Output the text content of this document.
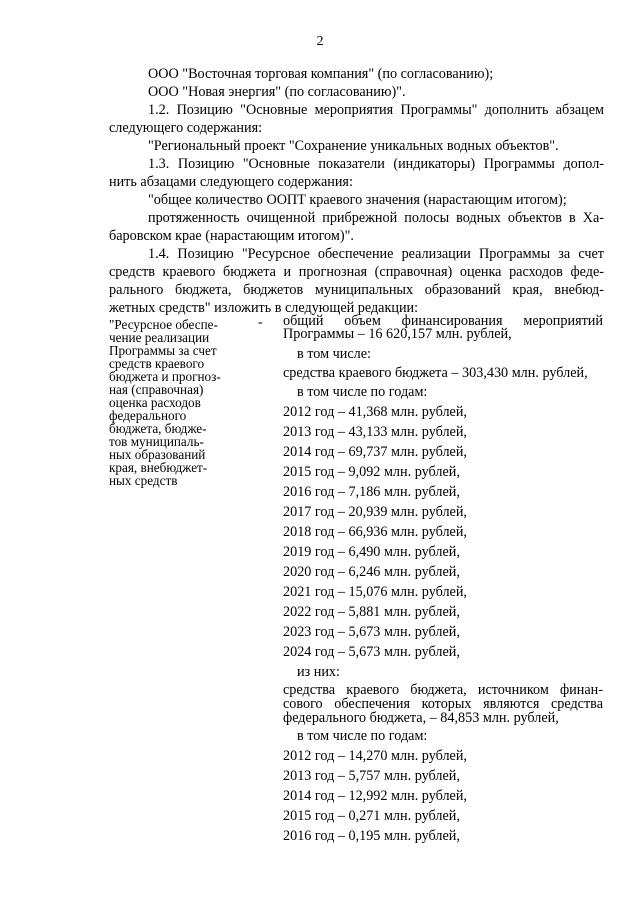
2
ООО "Восточная торговая компания" (по согласованию);
ООО "Новая энергия" (по согласованию)".
1.2. Позицию "Основные мероприятия Программы" дополнить абзацем
следующего содержания:
"Региональный проект "Сохранение уникальных водных объектов".
1.3. Позицию "Основные показатели (индикаторы) Программы допол-
нить абзацами следующего содержания:
"общее количество ООПТ краевого значения (нарастающим итогом);
протяженность очищенной прибрежной полосы водных объектов в Ха-
баровском крае (нарастающим итогом)".
1.4. Позицию "Ресурсное обеспечение реализации Программы за счет
средств краевого бюджета и прогнозная (справочная) оценка расходов феде-
рального бюджета, бюджетов муниципальных образований края, внебюд-
жетных средств" изложить в следующей редакции:
"Ресурсное обеспе-
чение реализации
Программы за счет
средств краевого
бюджета и прогноз-
ная (справочная)
оценка расходов
федерального
бюджета, бюдже-
тов муниципаль-
ных образований
края, внебюджет-
ных средств
- общий объем финансирования мероприятий
Программы – 16 620,157 млн. рублей,
в том числе:
средства краевого бюджета – 303,430 млн. рублей,
в том числе по годам:
2012 год – 41,368 млн. рублей,
2013 год – 43,133 млн. рублей,
2014 год – 69,737 млн. рублей,
2015 год – 9,092 млн. рублей,
2016 год – 7,186 млн. рублей,
2017 год – 20,939 млн. рублей,
2018 год – 66,936 млн. рублей,
2019 год – 6,490 млн. рублей,
2020 год – 6,246 млн. рублей,
2021 год – 15,076 млн. рублей,
2022 год – 5,881 млн. рублей,
2023 год – 5,673 млн. рублей,
2024 год – 5,673 млн. рублей,
из них:
средства краевого бюджета, источником финан-
сового обеспечения которых являются средства
федерального бюджета, – 84,853 млн. рублей,
в том числе по годам:
2012 год – 14,270 млн. рублей,
2013 год – 5,757 млн. рублей,
2014 год – 12,992 млн. рублей,
2015 год – 0,271 млн. рублей,
2016 год – 0,195 млн. рублей,
